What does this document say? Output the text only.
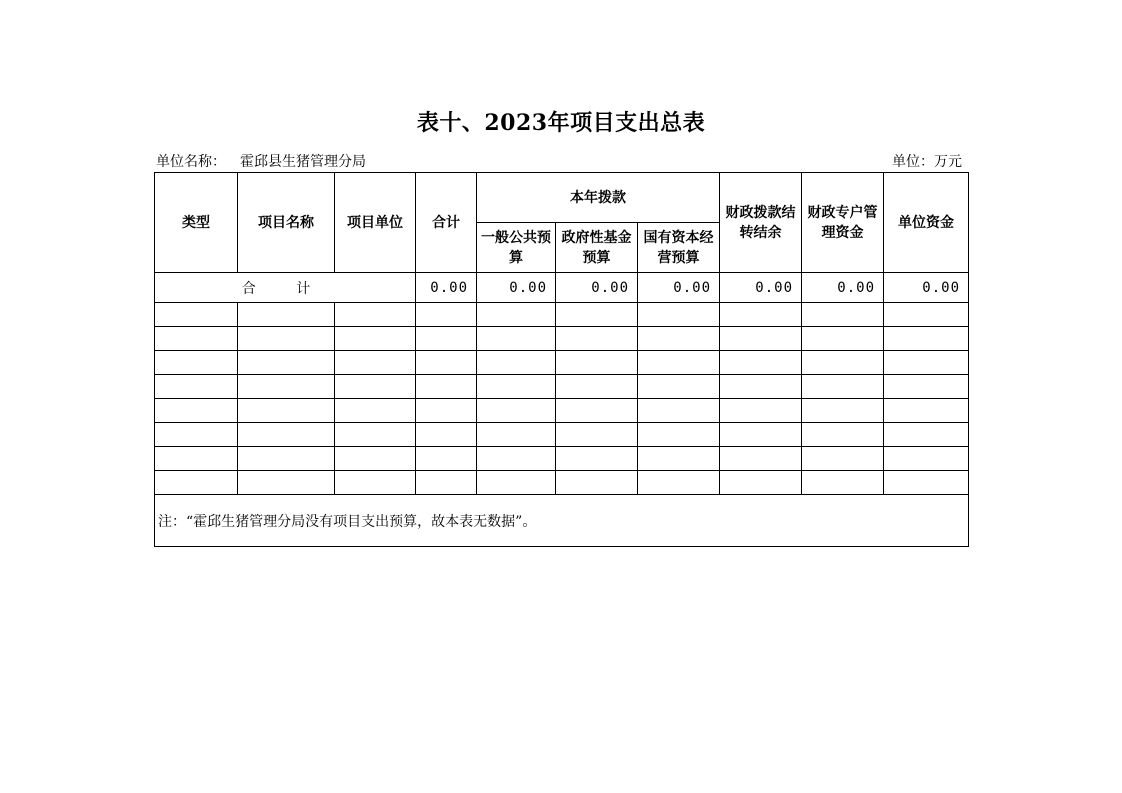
表十、2023年项目支出总表
单位名称： 霍邱县生猪管理分局	单位：万元
类型	项目名称	项目单位	合计	本年拨款			财政拨款结转结余	财政专户管理资金	单位资金
				一般公共预算	政府性基金预算	国有资本经营预算			
合 计			0.00	0.00	0.00	0.00	0.00	0.00	0.00

注：“霍邱生猪管理分局没有项目支出预算，故本表无数据”。									
